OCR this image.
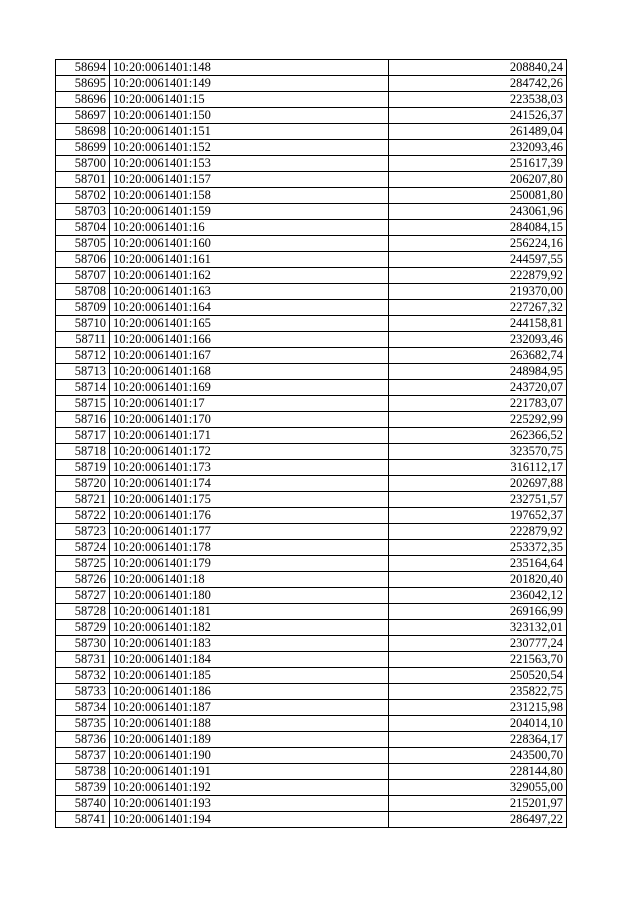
58694	10:20:0061401:148	208840,24
58695	10:20:0061401:149	284742,26
58696	10:20:0061401:15	223538,03
58697	10:20:0061401:150	241526,37
58698	10:20:0061401:151	261489,04
58699	10:20:0061401:152	232093,46
58700	10:20:0061401:153	251617,39
58701	10:20:0061401:157	206207,80
58702	10:20:0061401:158	250081,80
58703	10:20:0061401:159	243061,96
58704	10:20:0061401:16	284084,15
58705	10:20:0061401:160	256224,16
58706	10:20:0061401:161	244597,55
58707	10:20:0061401:162	222879,92
58708	10:20:0061401:163	219370,00
58709	10:20:0061401:164	227267,32
58710	10:20:0061401:165	244158,81
58711	10:20:0061401:166	232093,46
58712	10:20:0061401:167	263682,74
58713	10:20:0061401:168	248984,95
58714	10:20:0061401:169	243720,07
58715	10:20:0061401:17	221783,07
58716	10:20:0061401:170	225292,99
58717	10:20:0061401:171	262366,52
58718	10:20:0061401:172	323570,75
58719	10:20:0061401:173	316112,17
58720	10:20:0061401:174	202697,88
58721	10:20:0061401:175	232751,57
58722	10:20:0061401:176	197652,37
58723	10:20:0061401:177	222879,92
58724	10:20:0061401:178	253372,35
58725	10:20:0061401:179	235164,64
58726	10:20:0061401:18	201820,40
58727	10:20:0061401:180	236042,12
58728	10:20:0061401:181	269166,99
58729	10:20:0061401:182	323132,01
58730	10:20:0061401:183	230777,24
58731	10:20:0061401:184	221563,70
58732	10:20:0061401:185	250520,54
58733	10:20:0061401:186	235822,75
58734	10:20:0061401:187	231215,98
58735	10:20:0061401:188	204014,10
58736	10:20:0061401:189	228364,17
58737	10:20:0061401:190	243500,70
58738	10:20:0061401:191	228144,80
58739	10:20:0061401:192	329055,00
58740	10:20:0061401:193	215201,97
58741	10:20:0061401:194	286497,22
